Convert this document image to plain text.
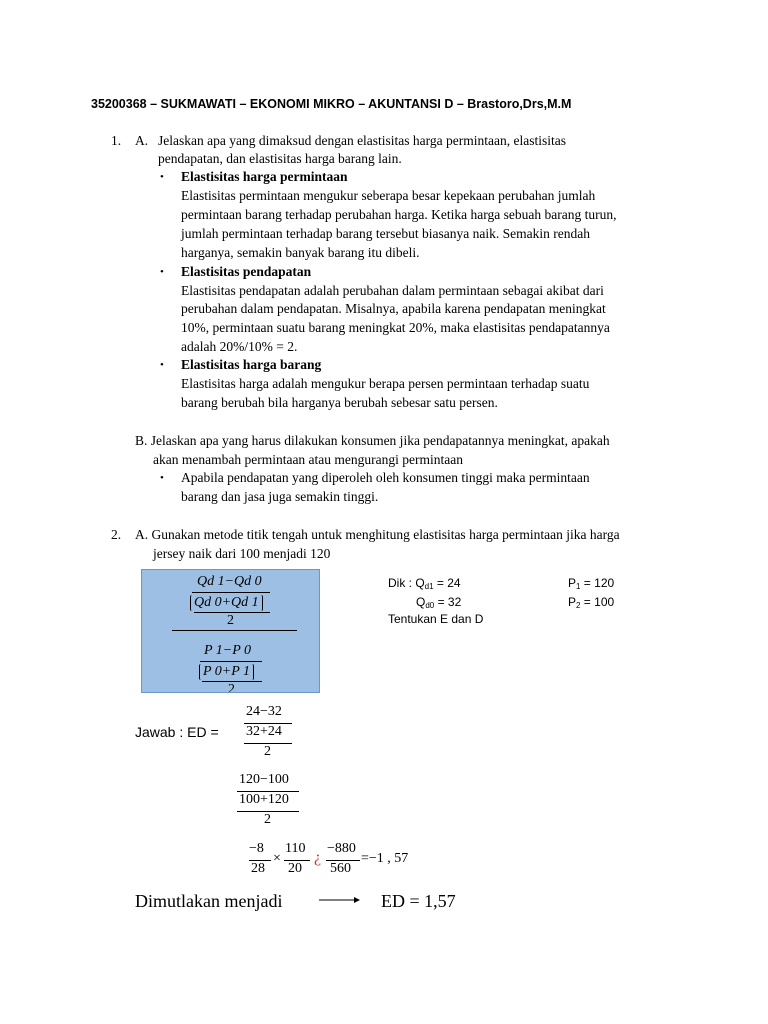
35200368 – SUKMAWATI – EKONOMI MIKRO – AKUNTANSI D – Brastoro,Drs,M.M
1. A. Jelaskan apa yang dimaksud dengan elastisitas harga permintaan, elastisitas
pendapatan, dan elastisitas harga barang lain.
• Elastisitas harga permintaan
Elastisitas permintaan mengukur seberapa besar kepekaan perubahan jumlah
permintaan barang terhadap perubahan harga. Ketika harga sebuah barang turun,
jumlah permintaan terhadap barang tersebut biasanya naik. Semakin rendah
harganya, semakin banyak barang itu dibeli.
• Elastisitas pendapatan
Elastisitas pendapatan adalah perubahan dalam permintaan sebagai akibat dari
perubahan dalam pendapatan. Misalnya, apabila karena pendapatan meningkat
10%, permintaan suatu barang meningkat 20%, maka elastisitas pendapatannya
adalah 20%/10% = 2.
• Elastisitas harga barang
Elastisitas harga adalah mengukur berapa persen permintaan terhadap suatu
barang berubah bila harganya berubah sebesar satu persen.
B. Jelaskan apa yang harus dilakukan konsumen jika pendapatannya meningkat, apakah
akan menambah permintaan atau mengurangi permintaan
• Apabila pendapatan yang diperoleh oleh konsumen tinggi maka permintaan
barang dan jasa juga semakin tinggi.
2. A. Gunakan metode titik tengah untuk menghitung elastisitas harga permintaan jika harga
jersey naik dari 100 menjadi 120
Qd 1−Qd 0
Qd 0+Qd 1
2
P 1−P 0
P 0+P 1
2
Dik : $Q_{d1} = 24$
$Q_{d0} = 32$
$P_1 = 120$
$P_2 = 100$
Tentukan E dan D
Jawab : ED =
24−32
32+24
2
120−100
100+120
2
−8
28
×
110
20
¿
−880
560
=−1 , 57
Dimutlakan menjadi	ED = 1,57
